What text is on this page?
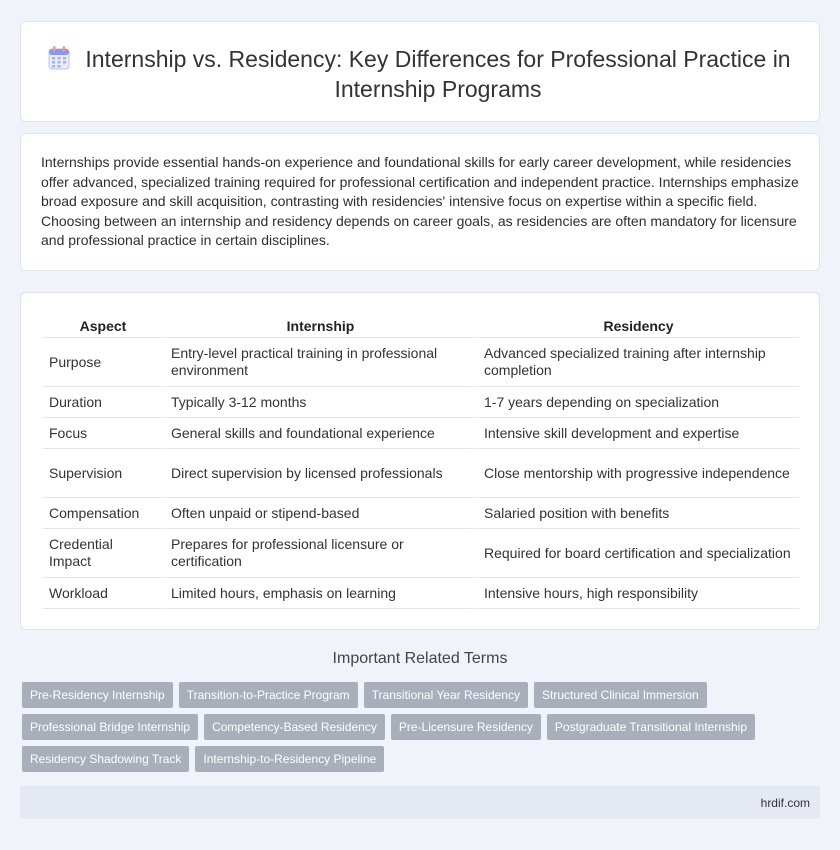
Internship vs. Residency: Key Differences for Professional Practice in Internship Programs

Internships provide essential hands-on experience and foundational skills for early career development, while residencies offer advanced, specialized training required for professional certification and independent practice. Internships emphasize broad exposure and skill acquisition, contrasting with residencies' intensive focus on expertise within a specific field. Choosing between an internship and residency depends on career goals, as residencies are often mandatory for licensure and professional practice in certain disciplines.

Aspect	Internship	Residency
Purpose	Entry-level practical training in professional environment	Advanced specialized training after internship completion
Duration	Typically 3-12 months	1-7 years depending on specialization
Focus	General skills and foundational experience	Intensive skill development and expertise
Supervision	Direct supervision by licensed professionals	Close mentorship with progressive independence
Compensation	Often unpaid or stipend-based	Salaried position with benefits
Credential Impact	Prepares for professional licensure or certification	Required for board certification and specialization
Workload	Limited hours, emphasis on learning	Intensive hours, high responsibility
Important Related Terms
Pre-Residency Internship	Transition-to-Practice Program	Transitional Year Residency	Structured Clinical Immersion
Professional Bridge Internship	Competency-Based Residency	Pre-Licensure Residency	Postgraduate Transitional Internship
Residency Shadowing Track	Internship-to-Residency Pipeline
hrdif.com
